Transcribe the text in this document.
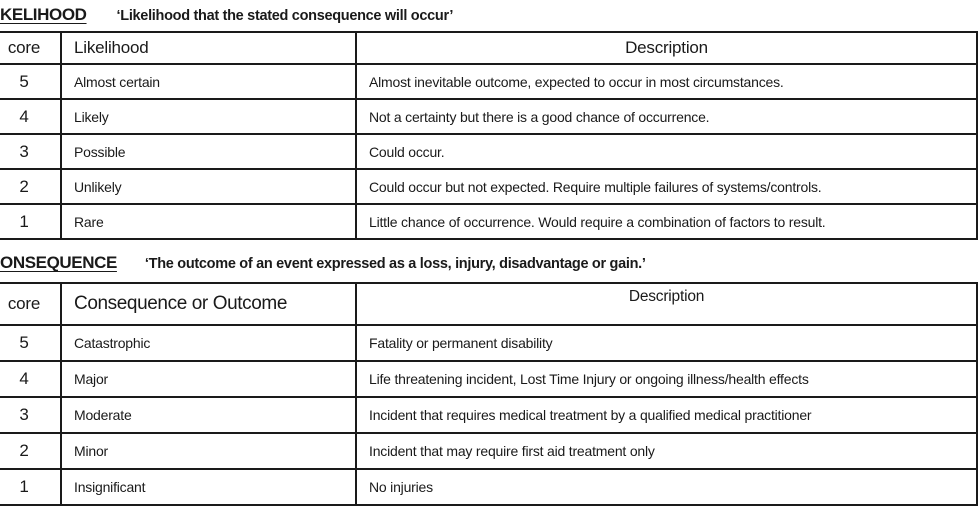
KELIHOOD ‘Likelihood that the stated consequence will occur’
core	Likelihood	Description
5	Almost certain	Almost inevitable outcome, expected to occur in most circumstances.
4	Likely	Not a certainty but there is a good chance of occurrence.
3	Possible	Could occur.
2	Unlikely	Could occur but not expected. Require multiple failures of systems/controls.
1	Rare	Little chance of occurrence. Would require a combination of factors to result.
ONSEQUENCE ‘The outcome of an event expressed as a loss, injury, disadvantage or gain.’
core	Consequence or Outcome	Description
5	Catastrophic	Fatality or permanent disability
4	Major	Life threatening incident, Lost Time Injury or ongoing illness/health effects
3	Moderate	Incident that requires medical treatment by a qualified medical practitioner
2	Minor	Incident that may require first aid treatment only
1	Insignificant	No injuries
